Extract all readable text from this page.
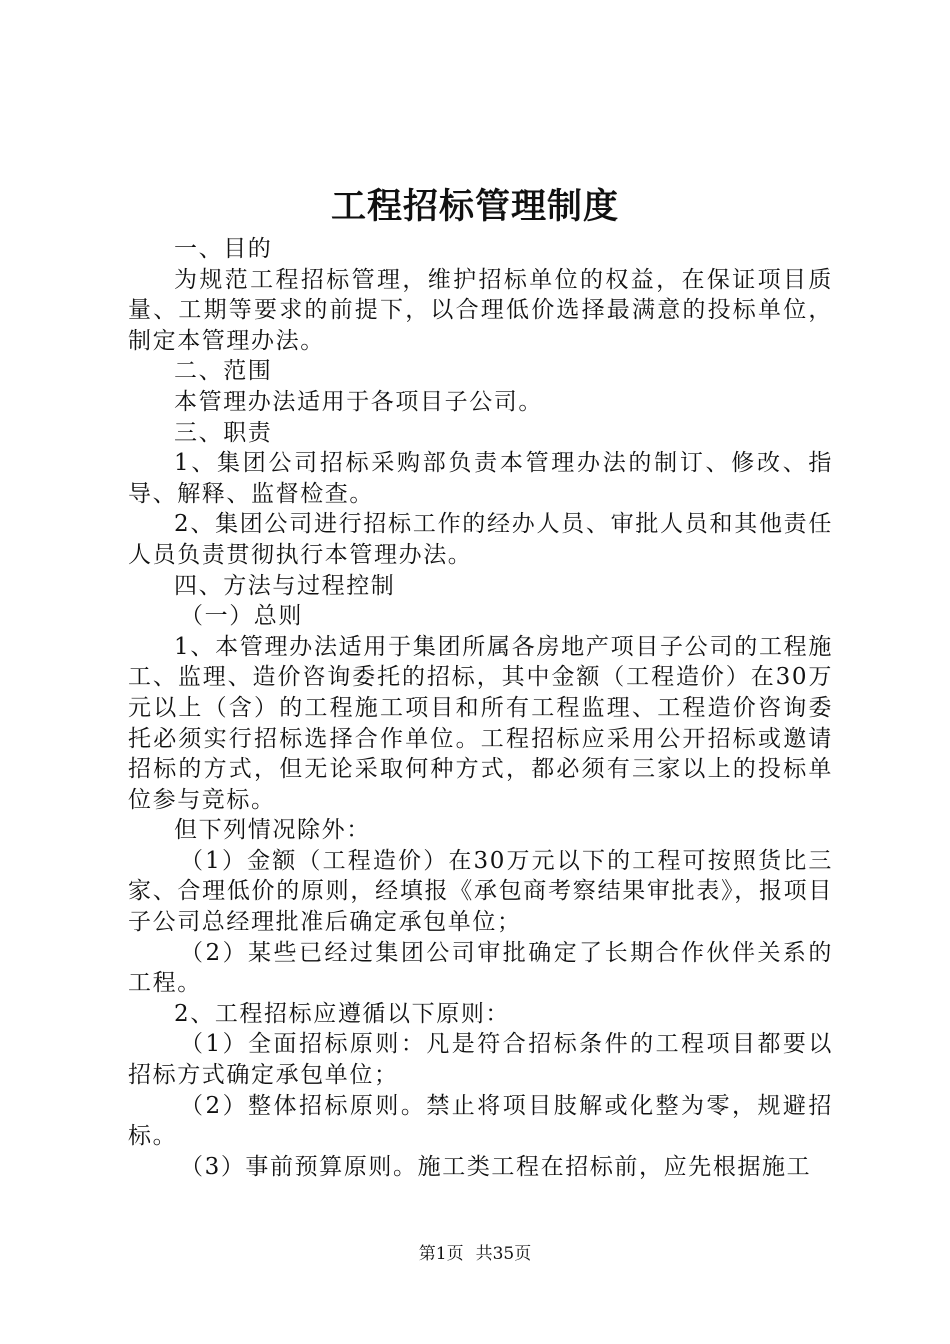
工程招标管理制度

一、目的

为规范工程招标管理，维护招标单位的权益，在保证项目质量、工期等要求的前提下，以合理低价选择最满意的投标单位，制定本管理办法。

二、范围

本管理办法适用于各项目子公司。

三、职责

1、集团公司招标采购部负责本管理办法的制订、修改、指导、解释、监督检查。

2、集团公司进行招标工作的经办人员、审批人员和其他责任人员负责贯彻执行本管理办法。

四、方法与过程控制

（一）总则

1、本管理办法适用于集团所属各房地产项目子公司的工程施工、监理、造价咨询委托的招标，其中金额（工程造价）在30万元以上（含）的工程施工项目和所有工程监理、工程造价咨询委托必须实行招标选择合作单位。工程招标应采用公开招标或邀请招标的方式，但无论采取何种方式，都必须有三家以上的投标单位参与竞标。

但下列情况除外：

（1）金额（工程造价）在30万元以下的工程可按照货比三家、合理低价的原则，经填报《承包商考察结果审批表》，报项目子公司总经理批准后确定承包单位；

（2）某些已经过集团公司审批确定了长期合作伙伴关系的工程。

2、工程招标应遵循以下原则：

（1）全面招标原则：凡是符合招标条件的工程项目都要以招标方式确定承包单位；

（2）整体招标原则。禁止将项目肢解或化整为零，规避招标。

（3）事前预算原则。施工类工程在招标前，应先根据施工

第1页 共35页
